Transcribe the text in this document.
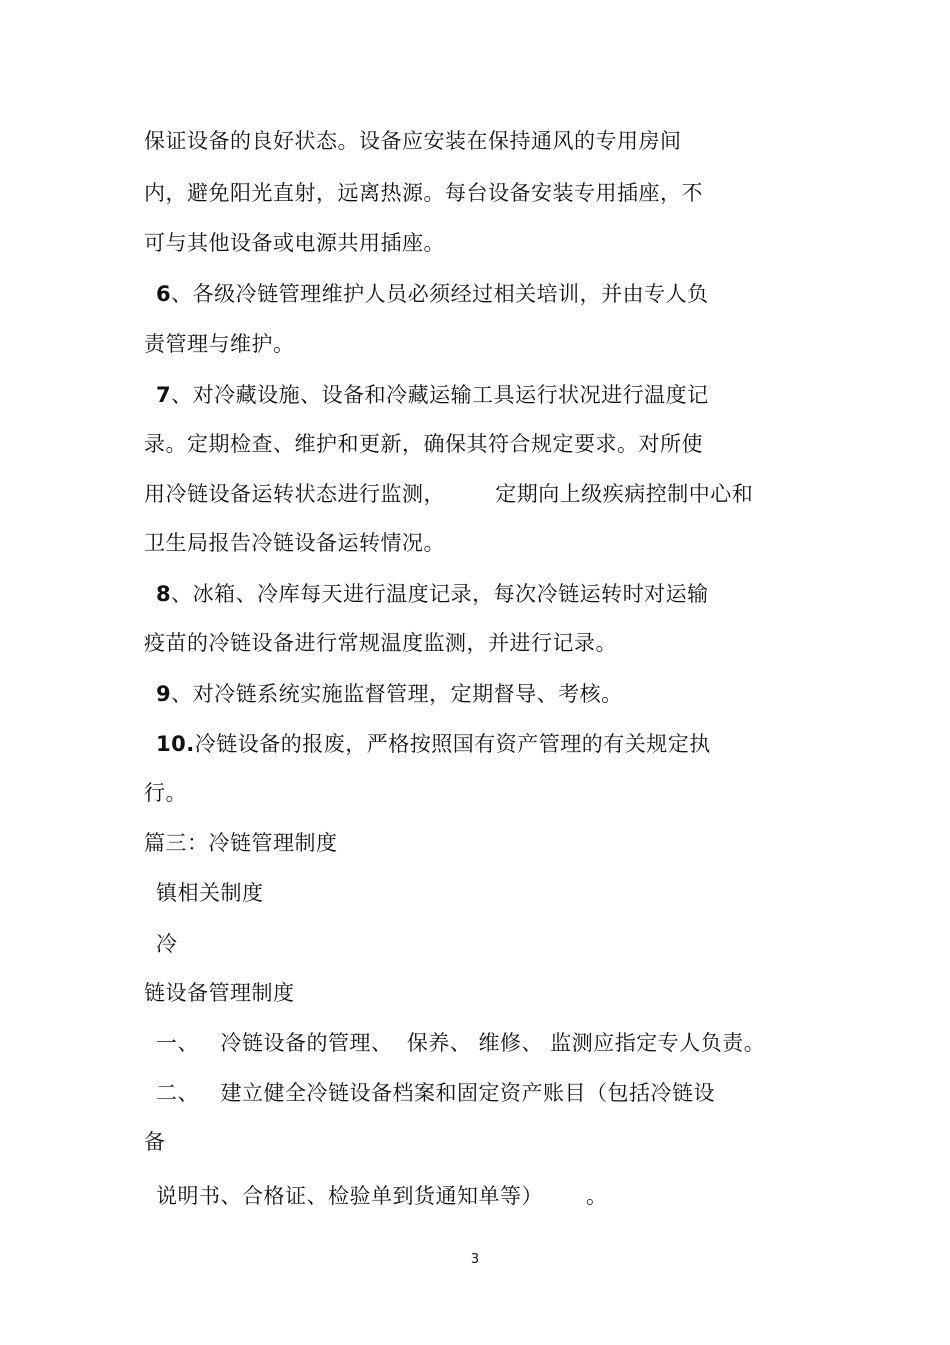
保证设备的良好状态。设备应安装在保持通风的专用房间
内，避免阳光直射，远离热源。每台设备安装专用插座，不
可与其他设备或电源共用插座。
6、各级冷链管理维护人员必须经过相关培训，并由专人负
责管理与维护。
7、对冷藏设施、设备和冷藏运输工具运行状况进行温度记
录。定期检查、维护和更新，确保其符合规定要求。对所使
用冷链设备运转状态进行监测，       定期向上级疾病控制中心和
卫生局报告冷链设备运转情况。
8、冰箱、冷库每天进行温度记录，每次冷链运转时对运输
疫苗的冷链设备进行常规温度监测，并进行记录。
9、对冷链系统实施监督管理，定期督导、考核。
10.冷链设备的报废，严格按照国有资产管理的有关规定执
行。
篇三：冷链管理制度
镇相关制度
冷
链设备管理制度
一、   冷链设备的管理、  保养、 维修、 监测应指定专人负责。
二、   建立健全冷链设备档案和固定资产账目（包括冷链设
备
说明书、合格证、检验单到货通知单等）      。
3
